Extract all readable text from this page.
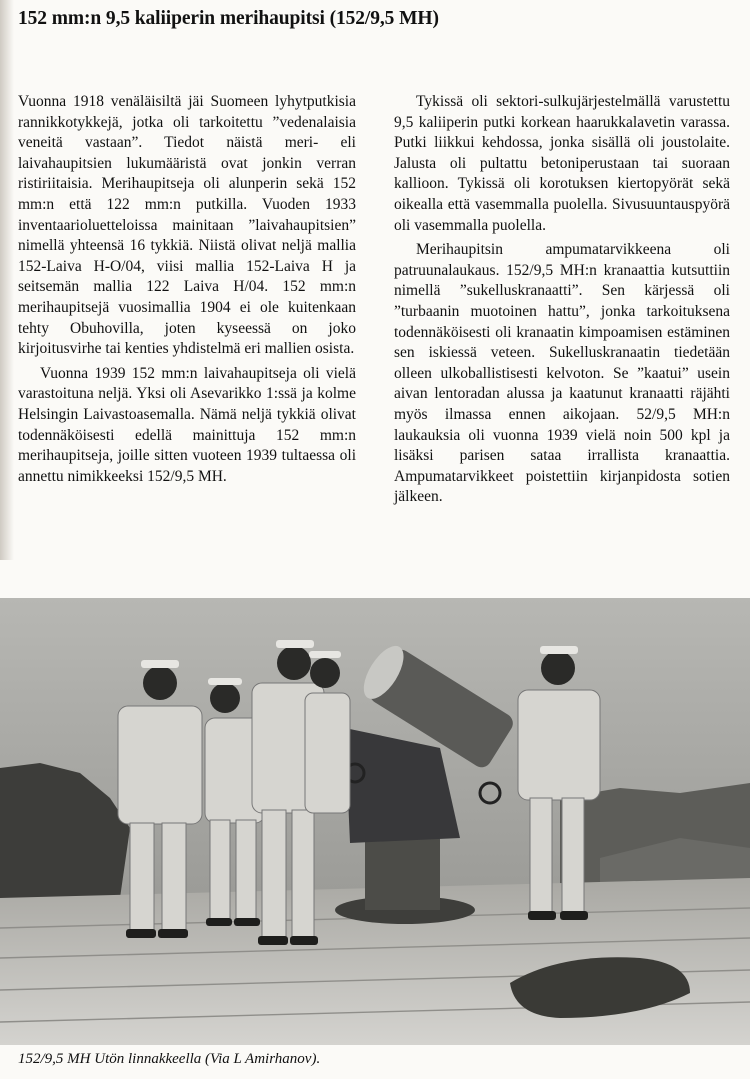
152 mm:n 9,5 kaliiperin merihaupitsi (152/9,5 MH)

Vuonna 1918 venäläisiltä jäi Suomeen lyhytputkisia rannikkotykkejä, jotka oli tarkoitettu ”vedenalaisia veneitä vastaan”. Tiedot näistä meri- eli laivahaupitsien lukumääristä ovat jonkin verran ristiriitaisia. Merihaupitseja oli alunperin sekä 152 mm:n että 122 mm:n putkilla. Vuoden 1933 inventaarioluetteloissa mainitaan ”laivahaupitsien” nimellä yhteensä 16 tykkiä. Niistä olivat neljä mallia 152-Laiva H-O/04, viisi mallia 152-Laiva H ja seitsemän mallia 122 Laiva H/04. 152 mm:n merihaupitsejä vuosimallia 1904 ei ole kuitenkaan tehty Obuhovilla, joten kyseessä on joko kirjoitusvirhe tai kenties yhdistelmä eri mallien osista.

Vuonna 1939 152 mm:n laivahaupitseja oli vielä varastoituna neljä. Yksi oli Asevarikko 1:ssä ja kolme Helsingin Laivastoasemalla. Nämä neljä tykkiä olivat todennäköisesti edellä mainittuja 152 mm:n merihaupitseja, joille sitten vuoteen 1939 tultaessa oli annettu nimikkeeksi 152/9,5 MH.

Tykissä oli sektori-sulkujärjestelmällä varustettu 9,5 kaliiperin putki korkean haarukkalavetin varassa. Putki liikkui kehdossa, jonka sisällä oli joustolaite. Jalusta oli pultattu betoniperustaan tai suoraan kallioon. Tykissä oli korotuksen kiertopyörät sekä oikealla että vasemmalla puolella. Sivusuuntauspyörä oli vasemmalla puolella.

Merihaupitsin ampumatarvikkeena oli patruunalaukaus. 152/9,5 MH:n kranaattia kutsuttiin nimellä ”sukelluskranaatti”. Sen kärjessä oli ”turbaanin muotoinen hattu”, jonka tarkoituksena todennäköisesti oli kranaatin kimpoamisen estäminen sen iskiessä veteen. Sukelluskranaatin tiedetään olleen ulkoballistisesti kelvoton. Se ”kaatui” usein aivan lentoradan alussa ja kaatunut kranaatti räjähti myös ilmassa ennen aikojaan. 52/9,5 MH:n laukauksia oli vuonna 1939 vielä noin 500 kpl ja lisäksi parisen sataa irrallista kranaattia. Ampumatarvikkeet poistettiin kirjanpidosta sotien jälkeen.

152/9,5 MH Utön linnakkeella (Via L Amirhanov).
